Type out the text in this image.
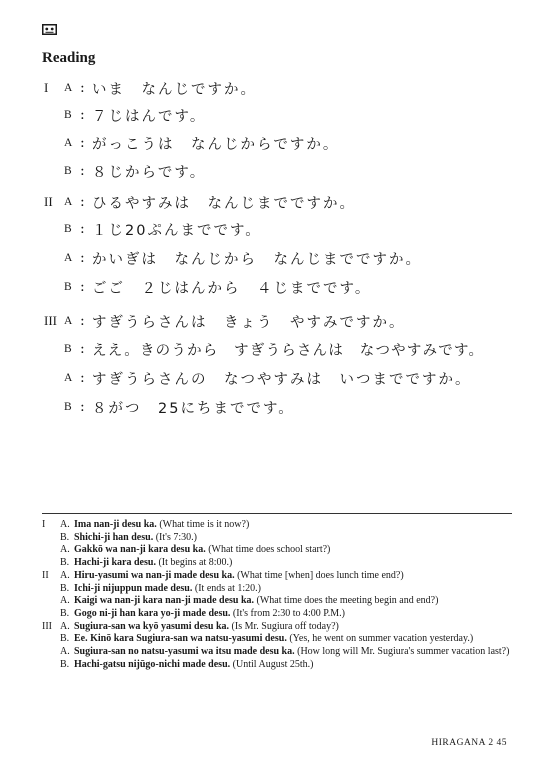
Reading
I A : いま　なんじですか。
B : ７じはんです。
A : がっこうは　なんじからですか。
B : ８じからです。
II A : ひるやすみは　なんじまでですか。
B : １じ20ぷんまでです。
A : かいぎは　なんじから　なんじまでですか。
B : ごご　２じはんから　４じまでです。
III A : すぎうらさんは　きょう　やすみですか。
B : ええ。きのうから　すぎうらさんは　なつやすみです。
A : すぎうらさんの　なつやすみは　いつまでですか。
B : ８がつ　25にちまでです。
I	A. Ima nan-ji desu ka. (What time is it now?)
B. Shichi-ji han desu. (It's 7:30.)
A. Gakkō wa nan-ji kara desu ka. (What time does school start?)
B. Hachi-ji kara desu. (It begins at 8:00.)
II	A. Hiru-yasumi wa nan-ji made desu ka. (What time [when] does lunch time end?)
B. Ichi-ji nijuppun made desu. (It ends at 1:20.)
A. Kaigi wa nan-ji kara nan-ji made desu ka. (What time does the meeting begin and end?)
B. Gogo ni-ji han kara yo-ji made desu. (It's from 2:30 to 4:00 P.M.)
III A. Sugiura-san wa kyō yasumi desu ka. (Is Mr. Sugiura off today?)
B. Ee. Kinō kara Sugiura-san wa natsu-yasumi desu. (Yes, he went on summer vacation yesterday.)
A. Sugiura-san no natsu-yasumi wa itsu made desu ka. (How long will Mr. Sugiura's summer vacation last?)
B. Hachi-gatsu nijūgo-nichi made desu. (Until August 25th.)
HIRAGANA 2 45
